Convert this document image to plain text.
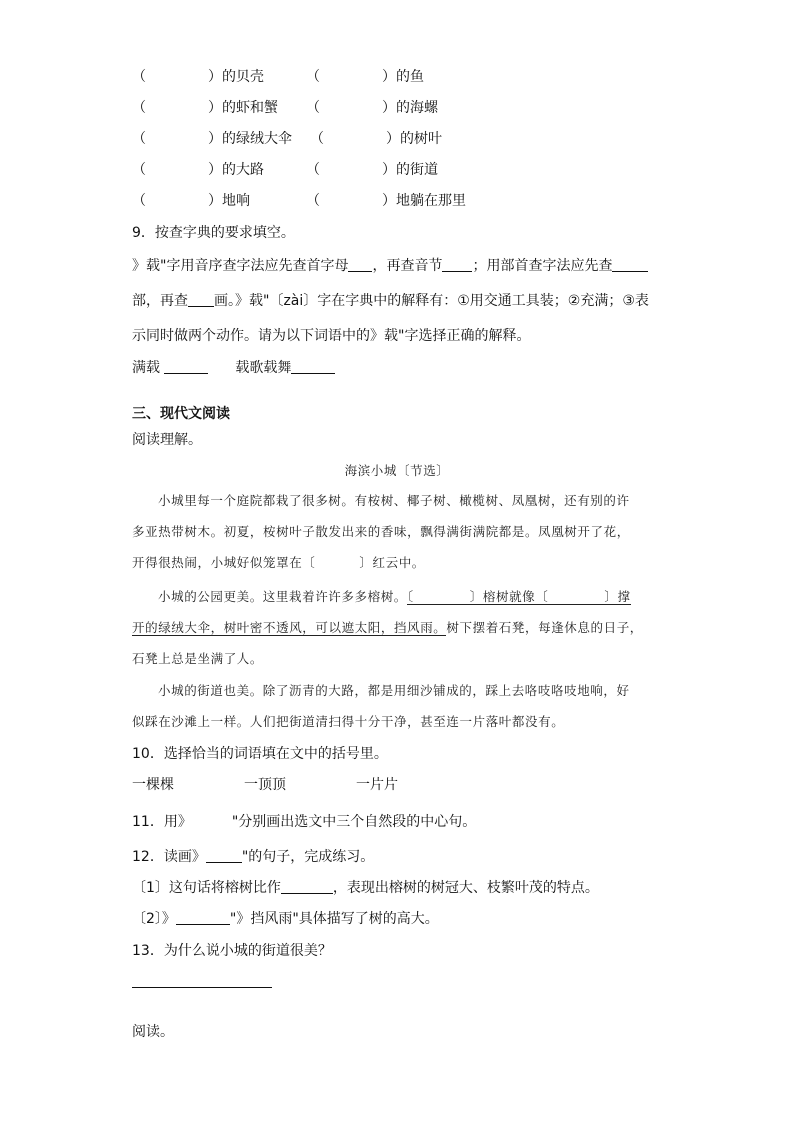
（  ）的贝壳 （  ）	的鱼
（  ）的虾和蟹 （  ）	的海螺
（  ）的绿绒大伞 （  ）	的树叶
（  ）的大路 （  ）	的街道
（  ）地响 （  ）	地躺在那里
9．按查字典的要求填空。
》载"字用音序查字法应先查首字母 ，再查音节 ；用部首查字法应先查
部，再查 画。》载"〔zài〕字在字典中的解释有：①用交通工具装；②充满；③表
示同时做两个动作。请为以下词语中的》载"字选择正确的解释。
满载	载歌载舞
三、现代文阅读
阅读理解。
海滨小城〔节选〕
小城里每一个庭院都栽了很多树。有桉树、椰子树、橄榄树、凤凰树，还有别的许
多亚热带树木。初夏，桉树叶子散发出来的香味，飘得满街满院都是。凤凰树开了花，
开得很热闹，小城好似笼罩在〔	〕红云中。
小城的公园更美。这里栽着许许多多榕树。〔	〕榕树就像〔	〕撑
开的绿绒大伞，树叶密不透风，可以遮太阳，挡风雨。树下摆着石凳，每逢休息的日子，
石凳上总是坐满了人。
小城的街道也美。除了沥青的大路，都是用细沙铺成的，踩上去咯吱咯吱地响，好
似踩在沙滩上一样。人们把街道清扫得十分干净，甚至连一片落叶都没有。
10．选择恰当的词语填在文中的括号里。
一棵棵	一顶顶	一片片
11．用》	"分别画出选文中三个自然段的中心句。
12．读画》	"的句子，完成练习。
〔1〕这句话将榕树比作	，表现出榕树的树冠大、枝繁叶茂的特点。
〔2〕》	"》挡风雨"具体描写了树的高大。
13．为什么说小城的街道很美？
阅读。
